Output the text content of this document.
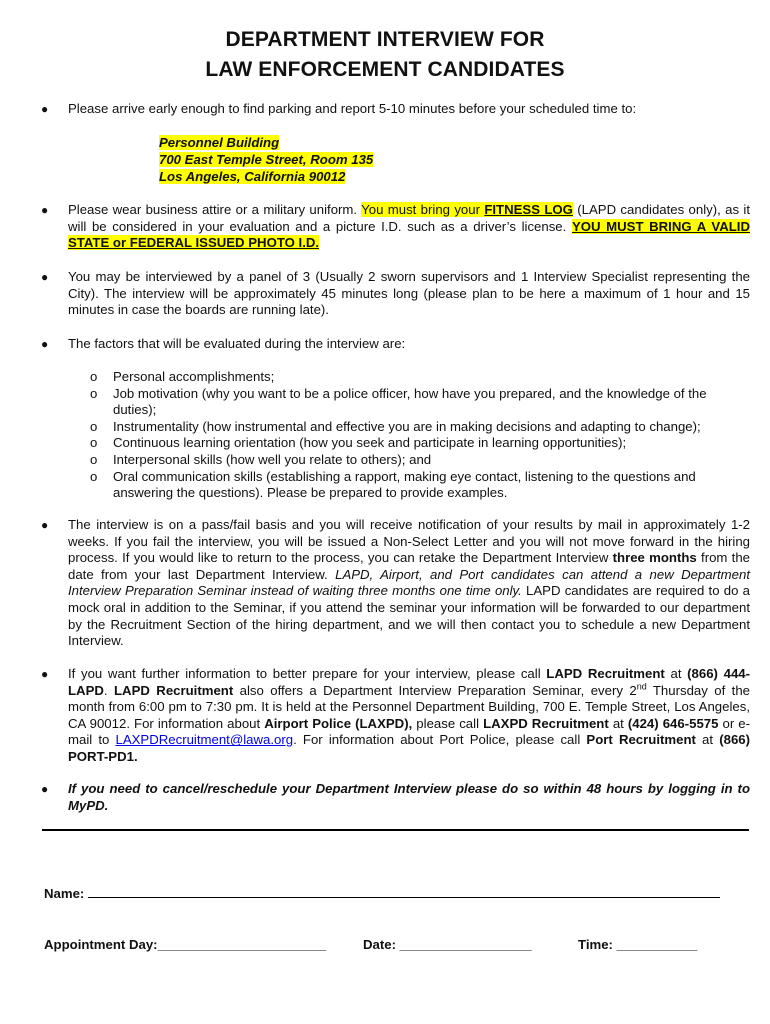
DEPARTMENT INTERVIEW FOR
LAW ENFORCEMENT CANDIDATES
● Please arrive early enough to find parking and report 5-10 minutes before your scheduled time to:
Personnel Building
700 East Temple Street, Room 135
Los Angeles, California 90012
● Please wear business attire or a military uniform. You must bring your FITNESS LOG (LAPD candidates only), as it will be considered in your evaluation and a picture I.D. such as a driver’s license. YOU MUST BRING A VALID STATE or FEDERAL ISSUED PHOTO I.D.
● You may be interviewed by a panel of 3 (Usually 2 sworn supervisors and 1 Interview Specialist representing the City). The interview will be approximately 45 minutes long (please plan to be here a maximum of 1 hour and 15 minutes in case the boards are running late).
● The factors that will be evaluated during the interview are:
o Personal accomplishments;
o Job motivation (why you want to be a police officer, how have you prepared, and the knowledge of the duties);
o Instrumentality (how instrumental and effective you are in making decisions and adapting to change);
o Continuous learning orientation (how you seek and participate in learning opportunities);
o Interpersonal skills (how well you relate to others); and
o Oral communication skills (establishing a rapport, making eye contact, listening to the questions and answering the questions). Please be prepared to provide examples.
● The interview is on a pass/fail basis and you will receive notification of your results by mail in approximately 1-2 weeks. If you fail the interview, you will be issued a Non-Select Letter and you will not move forward in the hiring process. If you would like to return to the process, you can retake the Department Interview three months from the date from your last Department Interview. LAPD, Airport, and Port candidates can attend a new Department Interview Preparation Seminar instead of waiting three months one time only. LAPD candidates are required to do a mock oral in addition to the Seminar, if you attend the seminar your information will be forwarded to our department by the Recruitment Section of the hiring department, and we will then contact you to schedule a new Department Interview.
● If you want further information to better prepare for your interview, please call LAPD Recruitment at (866) 444-LAPD. LAPD Recruitment also offers a Department Interview Preparation Seminar, every 2nd Thursday of the month from 6:00 pm to 7:30 pm. It is held at the Personnel Department Building, 700 E. Temple Street, Los Angeles, CA 90012. For information about Airport Police (LAXPD), please call LAXPD Recruitment at (424) 646-5575 or e-mail to LAXPDRecruitment@lawa.org. For information about Port Police, please call Port Recruitment at (866) PORT-PD1.
● If you need to cancel/reschedule your Department Interview please do so within 48 hours by logging in to MyPD.
Name:
Appointment Day:_______________________	Date: __________________	Time: ___________
